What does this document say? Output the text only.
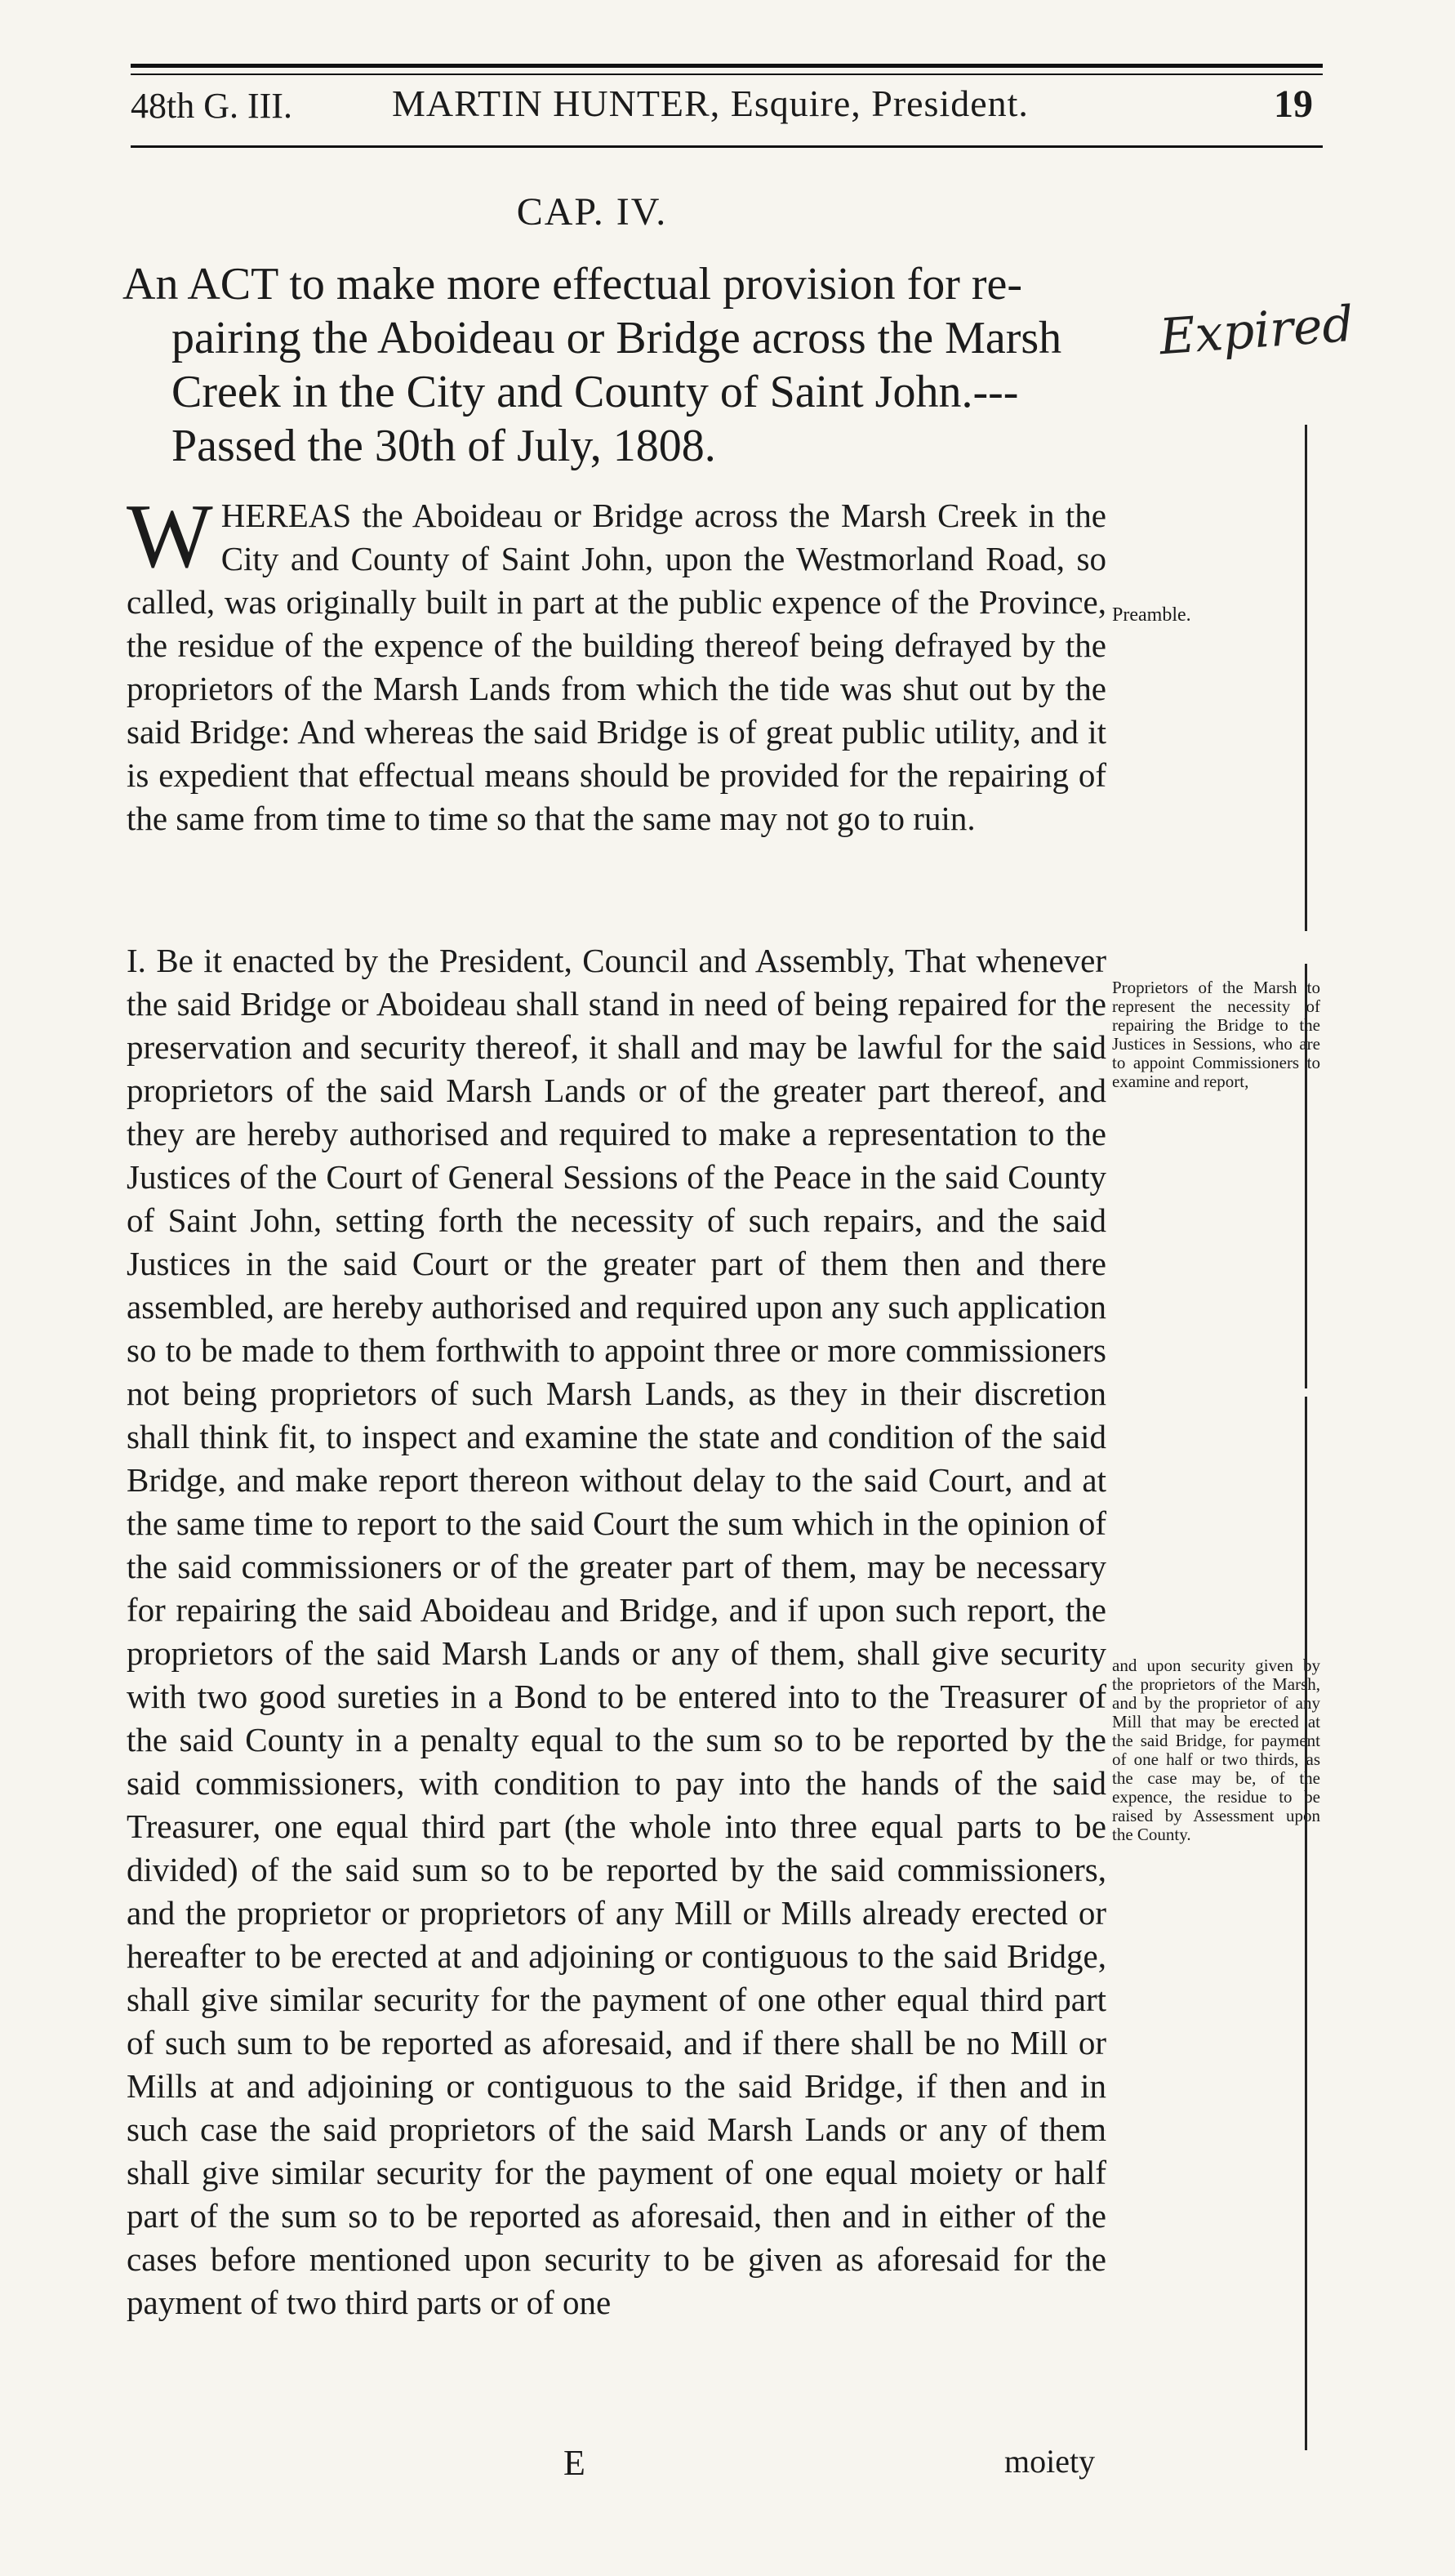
48th G. III.	MARTIN HUNTER, Esquire, President.	19
CAP. IV.
An ACT to make more effectual provision for re-
pairing the Aboideau or Bridge across the Marsh
Creek in the City and County of Saint John.---
Passed the 30th of July, 1808.
Expired
WHEREAS the Aboideau or Bridge across the Marsh Creek in the City and County of Saint John, upon the Westmorland Road, so called, was originally built in part at the public expence of the Province, the residue of the expence of the building thereof being defrayed by the proprietors of the Marsh Lands from which the tide was shut out by the said Bridge: And whereas the said Bridge is of great public utility, and it is expedient that effectual means should be provided for the repairing of the same from time to time so that the same may not go to ruin.
I. Be it enacted by the President, Council and Assembly, That whenever the said Bridge or Aboideau shall stand in need of being repaired for the preservation and security thereof, it shall and may be lawful for the said proprietors of the said Marsh Lands or of the greater part thereof, and they are hereby authorised and required to make a representation to the Justices of the Court of General Sessions of the Peace in the said County of Saint John, setting forth the necessity of such repairs, and the said Justices in the said Court or the greater part of them then and there assembled, are hereby authorised and required upon any such application so to be made to them forthwith to appoint three or more commissioners not being proprietors of such Marsh Lands, as they in their discretion shall think fit, to inspect and examine the state and condition of the said Bridge, and make report thereon without delay to the said Court, and at the same time to report to the said Court the sum which in the opinion of the said commissioners or of the greater part of them, may be necessary for repairing the said Aboideau and Bridge, and if upon such report, the proprietors of the said Marsh Lands or any of them, shall give security with two good sureties in a Bond to be entered into to the Treasurer of the said County in a penalty equal to the sum so to be reported by the said commissioners, with condition to pay into the hands of the said Treasurer, one equal third part (the whole into three equal parts to be divided) of the said sum so to be reported by the said commissioners, and the proprietor or proprietors of any Mill or Mills already erected or hereafter to be erected at and adjoining or contiguous to the said Bridge, shall give similar security for the payment of one other equal third part of such sum to be reported as aforesaid, and if there shall be no Mill or Mills at and adjoining or contiguous to the said Bridge, if then and in such case the said proprietors of the said Marsh Lands or any of them shall give similar security for the payment of one equal moiety or half part of the sum so to be reported as aforesaid, then and in either of the cases before mentioned upon security to be given as aforesaid for the payment of two third parts or of one
Preamble.
Proprietors of the Marsh to represent the necessity of repairing the Bridge to the Justices in Sessions, who are to appoint Commissioners to examine and report,
and upon security given by the proprietors of the Marsh, and by the proprietor of any Mill that may be erected at the said Bridge, for payment of one half or two thirds, as the case may be, of the expence, the residue to be raised by Assessment upon the County.
E	moiety
